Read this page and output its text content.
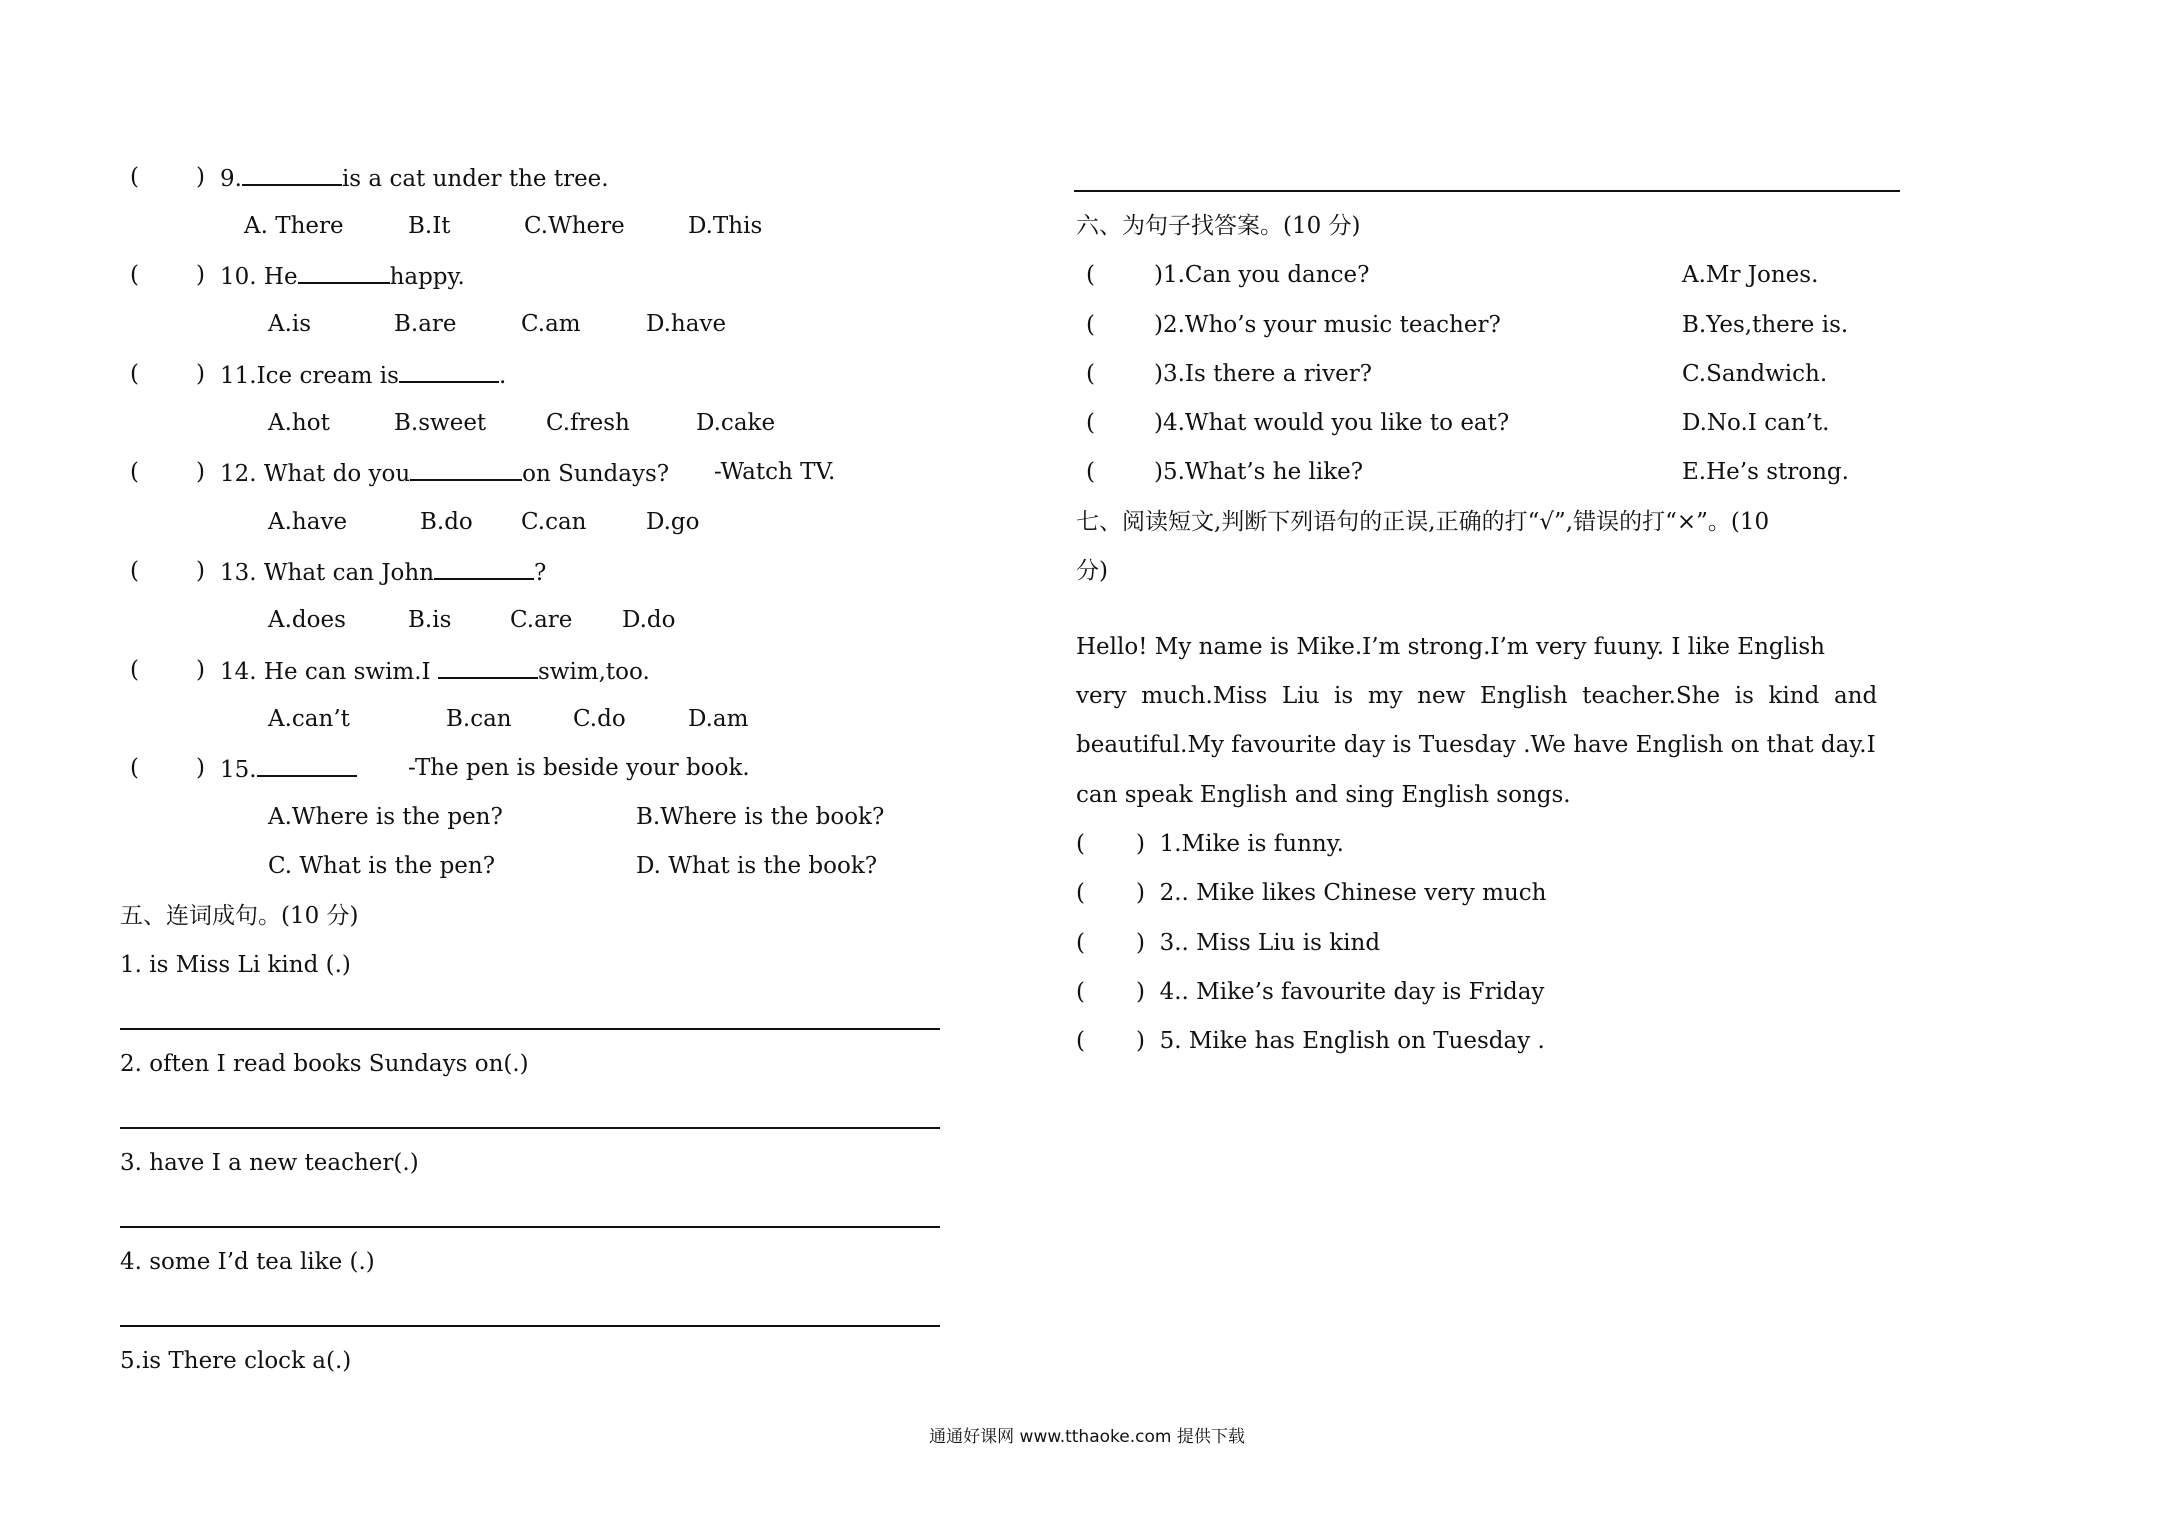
( ) 9.	is a cat under the tree.
A. There	B.It	C.Where	D.This
( ) 10. He	happy.
A.is	B.are	C.am	D.have
( ) 11.Ice cream is	.
A.hot	B.sweet	C.fresh	D.cake
( ) 12. What do you	on Sundays? -Watch TV.
A.have	B.do C.can	D.go
( ) 13. What can John	?
A.does	B.is	C.are D.do
( ) 14. He can swim.I	swim,too.
A.can’t	B.can	C.do	D.am
( ) 15.	-The pen is beside your book.
A.Where is the pen?	B.Where is the book?
C. What is the pen?	D. What is the book?
五、连词成句。(10 分)
1. is Miss Li kind (.)
2. often I read books Sundays on(.)
3. have I a new teacher(.)
4. some I’d tea like (.)
5.is There clock a(.)
六、为句子找答案。(10 分)
(	)1.Can you dance?	A.Mr Jones.
(	)2.Who’s your music teacher?	B.Yes,there is.
(	)3.Is there a river?	C.Sandwich.
(	)4.What would you like to eat?	D.No.I can’t.
(	)5.What’s he like?	E.He’s strong.
七、阅读短文,判断下列语句的正误,正确的打“√”,错误的打“×”。(10
分)
Hello! My name is Mike.I’m strong.I’m very fuuny. I like English
very  much.Miss  Liu  is  my  new  English  teacher.She  is  kind  and
beautiful.My favourite day is Tuesday .We have English on that day.I
can speak English and sing English songs.
( )  1.Mike is funny.
( )  2.. Mike likes Chinese very much
( )  3.. Miss Liu is kind
( )  4.. Mike’s favourite day is Friday
( )  5. Mike has English on Tuesday .
通通好课网 www.tthaoke.com 提供下载
